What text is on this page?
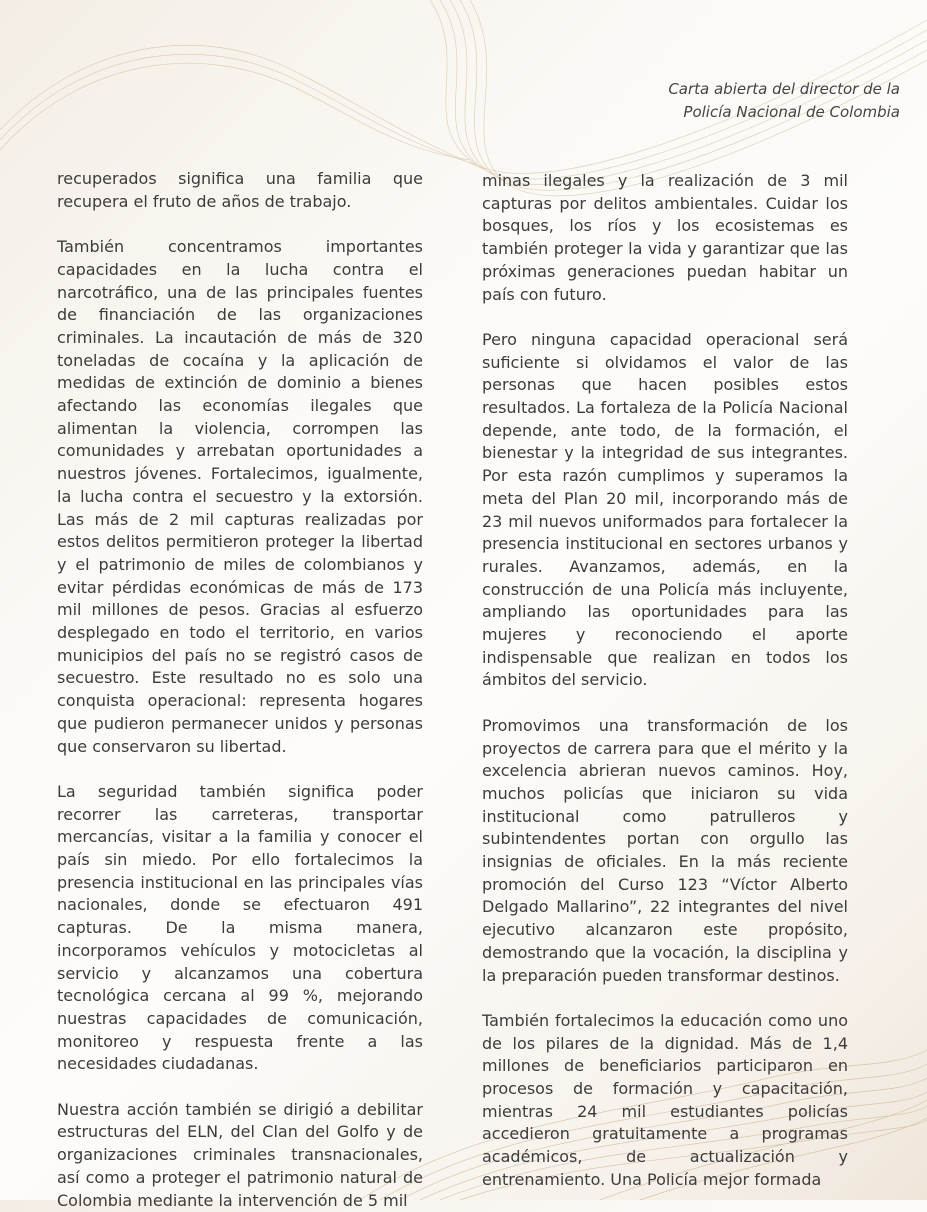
Carta abierta del director de la
Policía Nacional de Colombia

recuperados significa una familia que recupera el fruto de años de trabajo.

También concentramos importantes capacidades en la lucha contra el narcotráfico, una de las principales fuentes de financiación de las organizaciones criminales. La incautación de más de 320 toneladas de cocaína y la aplicación de medidas de extinción de dominio a bienes afectando las economías ilegales que alimentan la violencia, corrompen las comunidades y arrebatan oportunidades a nuestros jóvenes. Fortalecimos, igualmente, la lucha contra el secuestro y la extorsión. Las más de 2 mil capturas realizadas por estos delitos permitieron proteger la libertad y el patrimonio de miles de colombianos y evitar pérdidas económicas de más de 173 mil millones de pesos. Gracias al esfuerzo desplegado en todo el territorio, en varios municipios del país no se registró casos de secuestro. Este resultado no es solo una conquista operacional: representa hogares que pudieron permanecer unidos y personas que conservaron su libertad.

La seguridad también significa poder recorrer las carreteras, transportar mercancías, visitar a la familia y conocer el país sin miedo. Por ello fortalecimos la presencia institucional en las principales vías nacionales, donde se efectuaron 491 capturas. De la misma manera, incorporamos vehículos y motocicletas al servicio y alcanzamos una cobertura tecnológica cercana al 99 %, mejorando nuestras capacidades de comunicación, monitoreo y respuesta frente a las necesidades ciudadanas.

Nuestra acción también se dirigió a debilitar estructuras del ELN, del Clan del Golfo y de organizaciones criminales transnacionales, así como a proteger el patrimonio natural de Colombia mediante la intervención de 5 mil

minas ilegales y la realización de 3 mil capturas por delitos ambientales. Cuidar los bosques, los ríos y los ecosistemas es también proteger la vida y garantizar que las próximas generaciones puedan habitar un país con futuro.

Pero ninguna capacidad operacional será suficiente si olvidamos el valor de las personas que hacen posibles estos resultados. La fortaleza de la Policía Nacional depende, ante todo, de la formación, el bienestar y la integridad de sus integrantes. Por esta razón cumplimos y superamos la meta del Plan 20 mil, incorporando más de 23 mil nuevos uniformados para fortalecer la presencia institucional en sectores urbanos y rurales. Avanzamos, además, en la construcción de una Policía más incluyente, ampliando las oportunidades para las mujeres y reconociendo el aporte indispensable que realizan en todos los ámbitos del servicio.

Promovimos una transformación de los proyectos de carrera para que el mérito y la excelencia abrieran nuevos caminos. Hoy, muchos policías que iniciaron su vida institucional como patrulleros y subintendentes portan con orgullo las insignias de oficiales. En la más reciente promoción del Curso 123 “Víctor Alberto Delgado Mallarino”, 22 integrantes del nivel ejecutivo alcanzaron este propósito, demostrando que la vocación, la disciplina y la preparación pueden transformar destinos.

También fortalecimos la educación como uno de los pilares de la dignidad. Más de 1,4 millones de beneficiarios participaron en procesos de formación y capacitación, mientras 24 mil estudiantes policías accedieron gratuitamente a programas académicos, de actualización y entrenamiento. Una Policía mejor formada
